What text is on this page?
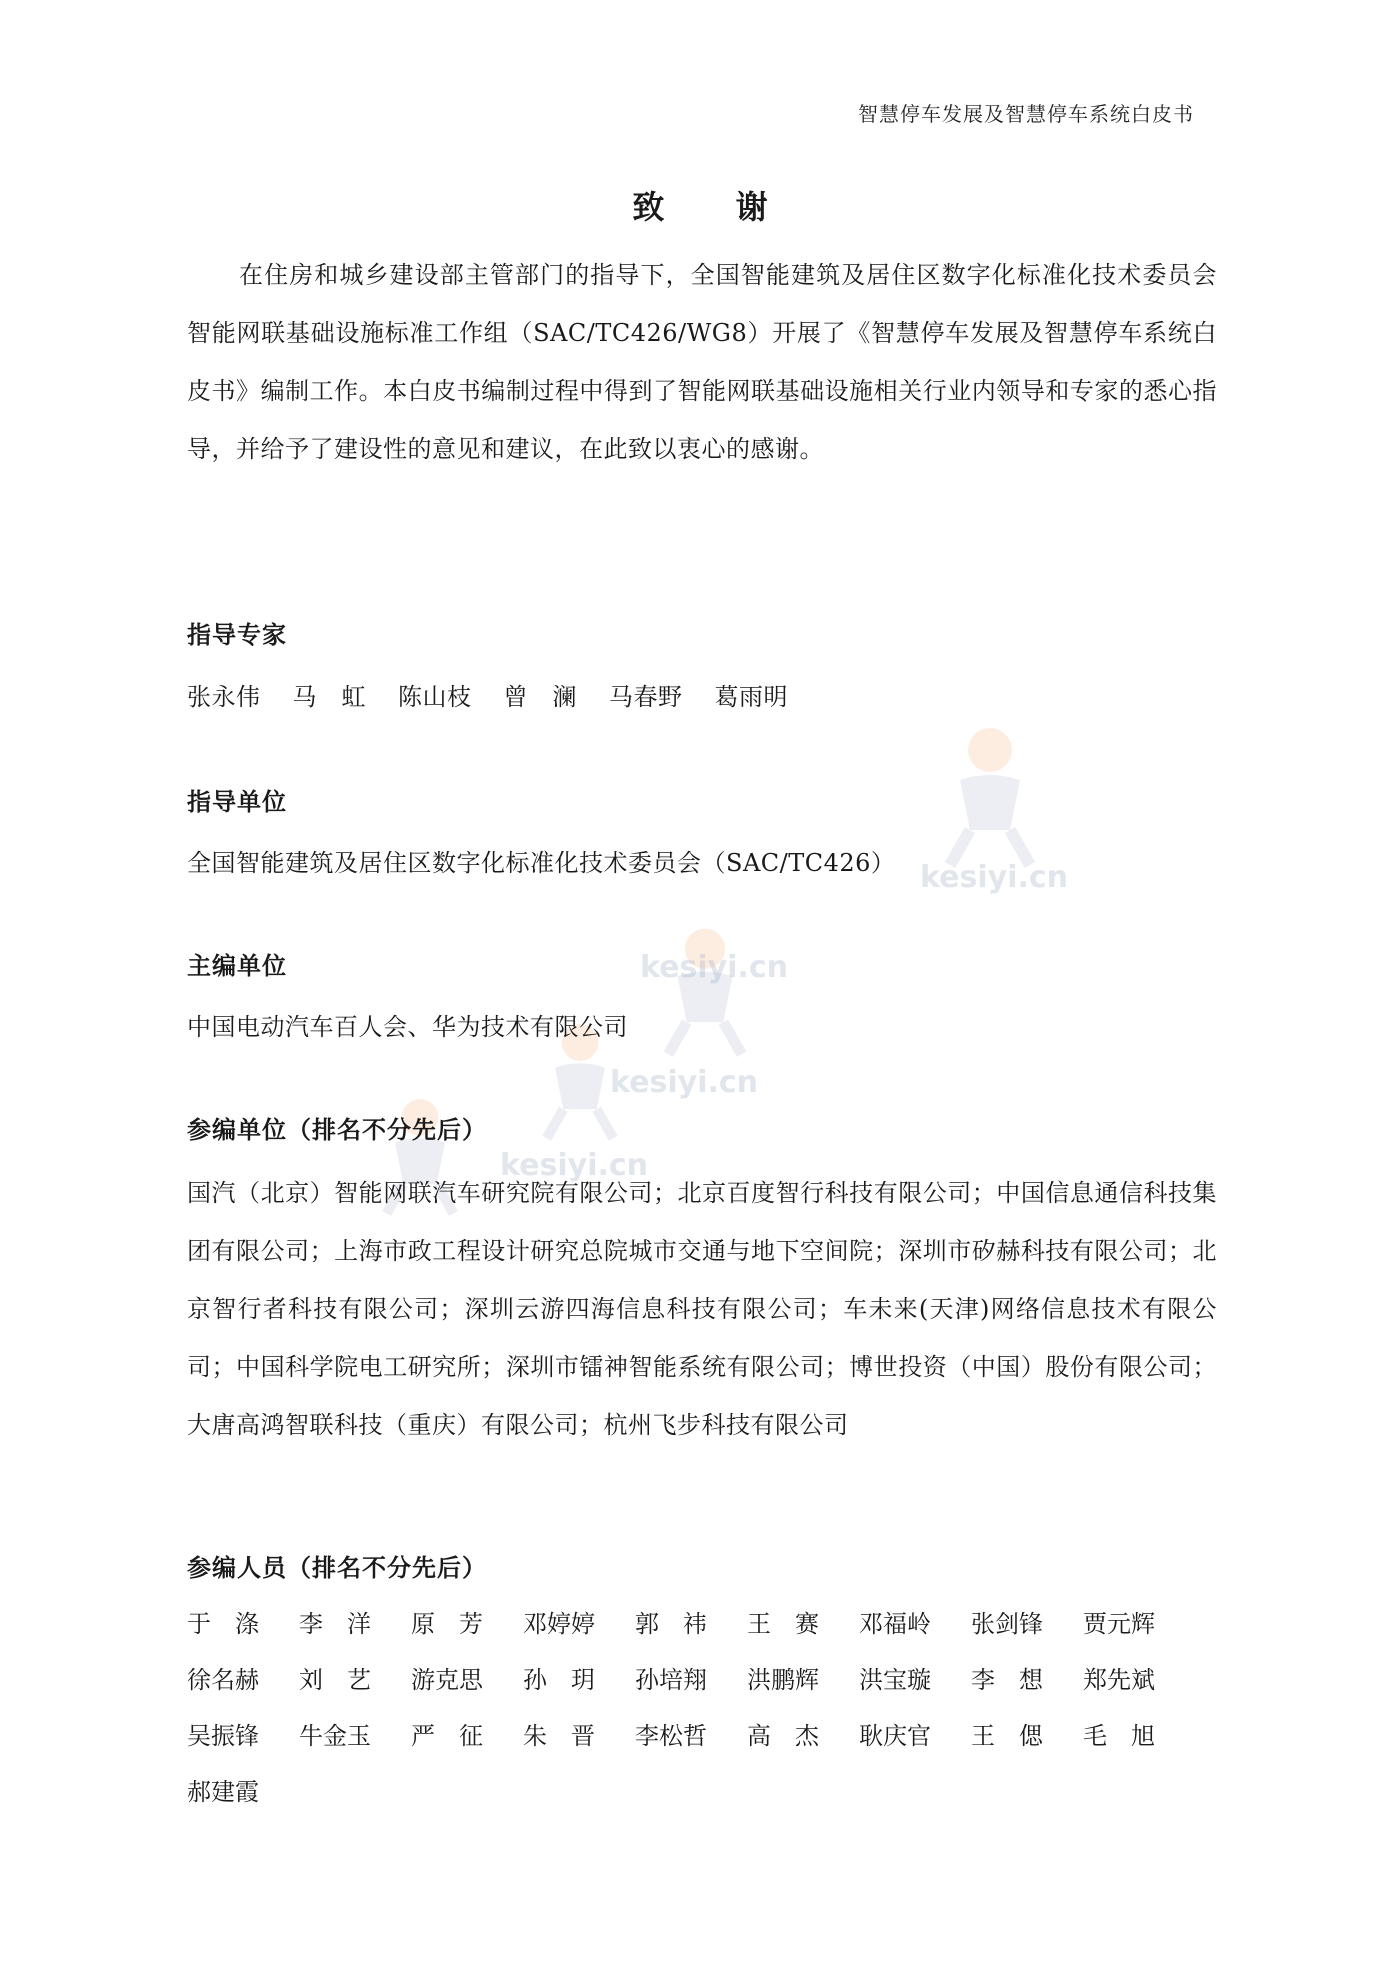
kesiyi.cn
kesiyi.cn
kesiyi.cn
kesiyi.cn
智慧停车发展及智慧停车系统白皮书
致 谢
在住房和城乡建设部主管部门的指导下，全国智能建筑及居住区数字化标准化技术委员会智能网联基础设施标准工作组（SAC/TC426/WG8）开展了《智慧停车发展及智慧停车系统白皮书》编制工作。本白皮书编制过程中得到了智能网联基础设施相关行业内领导和专家的悉心指导，并给予了建设性的意见和建议，在此致以衷心的感谢。
指导专家
张永伟 马　虹 陈山枝 曾　澜 马春野 葛雨明
指导单位
全国智能建筑及居住区数字化标准化技术委员会（SAC/TC426）
主编单位
中国电动汽车百人会、华为技术有限公司
参编单位（排名不分先后）
国汽（北京）智能网联汽车研究院有限公司；北京百度智行科技有限公司；中国信息通信科技集团有限公司；上海市政工程设计研究总院城市交通与地下空间院；深圳市矽赫科技有限公司；北京智行者科技有限公司；深圳云游四海信息科技有限公司；车未来(天津)网络信息技术有限公司；中国科学院电工研究所；深圳市镭神智能系统有限公司；博世投资（中国）股份有限公司；大唐高鸿智联科技（重庆）有限公司；杭州飞步科技有限公司
参编人员（排名不分先后）
于　涤	李　洋	原　芳	邓婷婷	郭　祎	王　赛	邓福岭	张剑锋	贾元辉
徐名赫	刘　艺	游克思	孙　玥	孙培翔	洪鹏辉	洪宝璇	李　想	郑先斌
吴振锋	牛金玉	严　征	朱　晋	李松哲	高　杰	耿庆官	王　偲	毛　旭
郝建霞
